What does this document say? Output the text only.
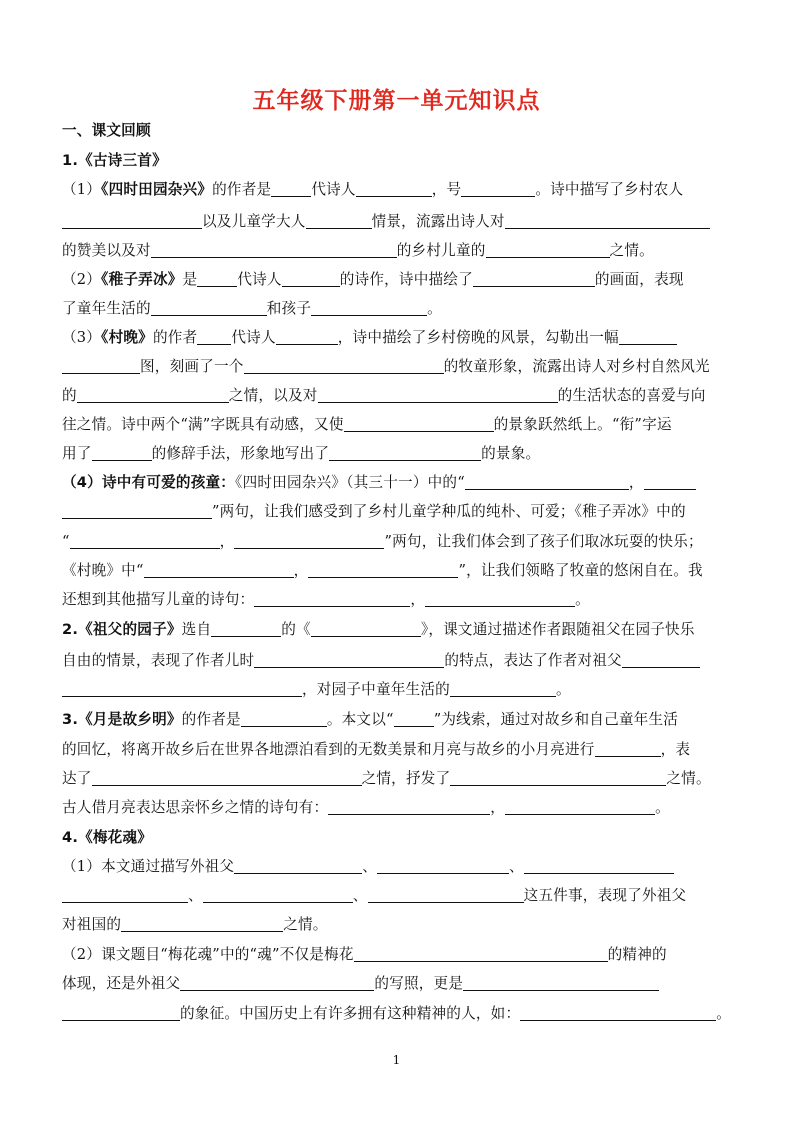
五年级下册第一单元知识点
一、课文回顾
1.《古诗三首》
（1）《四时田园杂兴》的作者是	代诗人	，号	。诗中描写了乡村农人
以及儿童学大人	情景，流露出诗人对
的赞美以及对	的乡村儿童的	之情。
（2）《稚子弄冰》是	代诗人	的诗作，诗中描绘了	的画面，表现
了童年生活的	和孩子	。
（3）《村晚》的作者 代诗人	，诗中描绘了乡村傍晚的风景，勾勒出一幅
图，刻画了一个	的牧童形象，流露出诗人对乡村自然风光
的	之情，以及对	的生活状态的喜爱与向
往之情。诗中两个“满”字既具有动感，又使	的景象跃然纸上。“衔”字运
用了	的修辞手法，形象地写出了	的景象。
（4）诗中有可爱的孩童：《四时田园杂兴》（其三十一）中的“	，
”两句，让我们感受到了乡村儿童学种瓜的纯朴、可爱；《稚子弄冰》中的
“	，	”两句，让我们体会到了孩子们取冰玩耍的快乐；
《村晚》中“	，	”，让我们领略了牧童的悠闲自在。我
还想到其他描写儿童的诗句：	，	。
2.《祖父的园子》选自	的《	》，课文通过描述作者跟随祖父在园子快乐
自由的情景，表现了作者儿时	的特点，表达了作者对祖父
，对园子中童年生活的	。
3.《月是故乡明》的作者是	。本文以“	”为线索，通过对故乡和自己童年生活
的回忆，将离开故乡后在世界各地漂泊看到的无数美景和月亮与故乡的小月亮进行	，表
达了	之情，抒发了	之情。
古人借月亮表达思亲怀乡之情的诗句有：	，	。
4.《梅花魂》
（1）本文通过描写外祖父	、	、
、	、	这五件事，表现了外祖父
对祖国的	之情。
（2）课文题目“梅花魂”中的“魂”不仅是梅花	的精神的
体现，还是外祖父	的写照，更是
的象征。中国历史上有许多拥有这种精神的人，如：	。
1
